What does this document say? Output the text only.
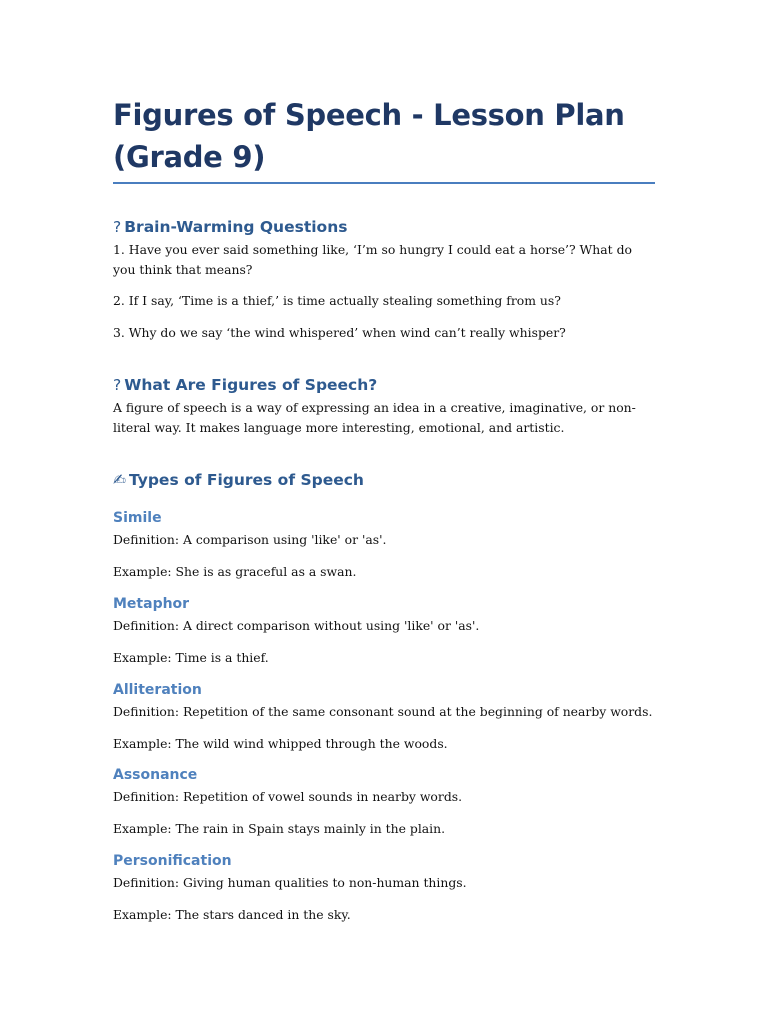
Figures of Speech - Lesson Plan (Grade 9)
? Brain-Warming Questions

1. Have you ever said something like, ‘I’m so hungry I could eat a horse’? What do you think that means?

2. If I say, ‘Time is a thief,’ is time actually stealing something from us?

3. Why do we say ‘the wind whispered’ when wind can’t really whisper?

? What Are Figures of Speech?

A figure of speech is a way of expressing an idea in a creative, imaginative, or non-literal way. It makes language more interesting, emotional, and artistic.

✍ Types of Figures of Speech
Simile

Definition: A comparison using 'like' or 'as'.

Example: She is as graceful as a swan.

Metaphor

Definition: A direct comparison without using 'like' or 'as'.

Example: Time is a thief.

Alliteration

Definition: Repetition of the same consonant sound at the beginning of nearby words.

Example: The wild wind whipped through the woods.

Assonance

Definition: Repetition of vowel sounds in nearby words.

Example: The rain in Spain stays mainly in the plain.

Personification

Definition: Giving human qualities to non-human things.

Example: The stars danced in the sky.
